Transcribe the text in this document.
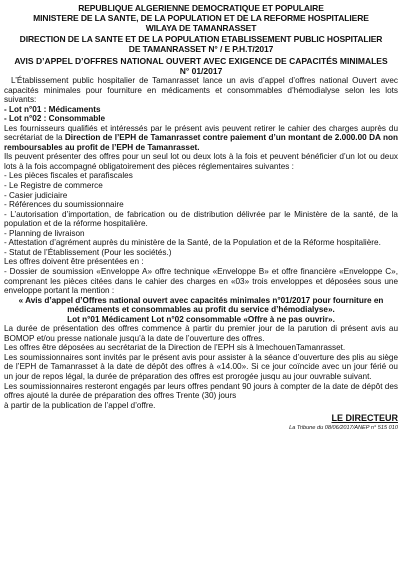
REPUBLIQUE ALGERIENNE DEMOCRATIQUE ET POPULAIRE
MINISTERE DE LA SANTE, DE LA POPULATION ET DE LA REFORME HOSPITALIERE
WILAYA DE TAMANRASSET
DIRECTION DE LA SANTE ET DE LA POPULATION ETABLISSEMENT PUBLIC HOSPITALIER
DE TAMANRASSET N° / E P.H.T/2017
AVIS D’APPEL D’OFFRES NATIONAL OUVERT AVEC EXIGENCE DE CAPACITÉS MINIMALES
N° 01/2017

L’Établissement public hospitalier de Tamanrasset lance un avis d’appel d’offres national Ouvert avec capacités minimales pour fourniture en médicaments et consommables d’hémodialyse selon les lots suivants:

- Lot n°01 : Médicaments
- Lot n°02 : Consommable

Les fournisseurs qualifiés et intéressés par le présent avis peuvent retirer le cahier des charges auprès du secrétariat de la Direction de l’EPH de Tamanrasset contre paiement d’un montant de 2.000.00 DA non remboursables au profit de l’EPH de Tamanrasset.

Ils peuvent présenter des offres pour un seul lot ou deux lots à la fois et peuvent bénéficier d’un lot ou deux lots à la fois accompagné obligatoirement des pièces réglementaires suivantes :

- Les pièces fiscales et parafiscales
- Le Registre de commerce
- Casier judiciaire
- Références du soumissionnaire
- L’autorisation d’importation, de fabrication ou de distribution délivrée par le Ministère de la santé, de la population et de la réforme hospitalière.
- Planning de livraison
- Attestation d’agrément auprès du ministère de la Santé, de la Population et de la Réforme hospitalière.
- Statut de l’Établissement (Pour les sociétés.)

Les offres doivent être présentées en :

- Dossier de soumission «Enveloppe A» offre technique «Enveloppe B» et offre financière «Enveloppe C», comprenant les pièces citées dans le cahier des charges en «03» trois enveloppes et déposées sous une enveloppe portant la mention :

« Avis d’appel d’Offres national ouvert avec capacités minimales n°01/2017 pour fourniture en médicaments et consommables au profit du service d’hémodialyse».

Lot n°01 Médicament Lot n°02 consommable «Offre à ne pas ouvrir».

La durée de présentation des offres commence à partir du premier jour de la parution di présent avis au BOMOP et/ou presse nationale jusqu’à la date de l’ouverture des offres.

Les offres être déposées au secrétariat de la Direction de l’EPH sis à lmechouenTamanrasset.

Les soumissionnaires sont invités par le présent avis pour assister à la séance d’ouverture des plis au siège de l’EPH de Tamanrasset à la date de dépôt des offres à «14.00». Si ce jour coïncide avec un jour férié ou un jour de repos légal, la durée de préparation des offres est prorogée jusqu au jour ouvrable suivant.

Les soumissionnaires resteront engagés par leurs offres pendant 90 jours à compter de la date de dépôt des offres ajouté la durée de préparation des offres Trente (30) jours

à partir de la publication de l’appel d’offre.

LE DIRECTEUR
La Tribune du 08/06/2017/ANEP n° 515 010
